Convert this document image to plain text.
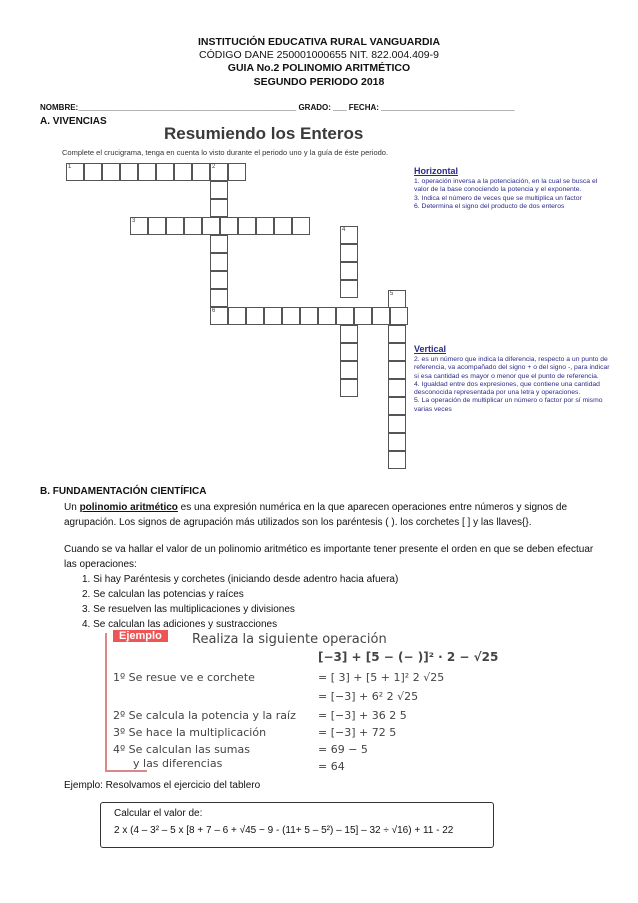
INSTITUCIÓN EDUCATIVA RURAL VANGUARDIA
CÓDIGO DANE 250001000655 NIT. 822.004.409-9
GUIA No.2 POLINOMIO ARITMÉTICO
SEGUNDO PERIODO 2018
NOMBRE:_________________________________________________ GRADO: ___ FECHA: ______________________________
A. VIVENCIAS
Resumiendo los Enteros
Complete el crucigrama, tenga en cuenta lo visto durante el periodo uno y la guía de éste periodo.
1	2
3
4
5
6
Horizontal
1. operación inversa a la potenciación, en la cual se busca el valor de la base conociendo la potencia y el exponente.
3. Indica el número de veces que se multiplica un factor
6. Determina el signo del producto de dos enteros
Vertical
2. es un número que indica la diferencia, respecto a un punto de referencia, va acompañado del signo + o del signo -, para indicar si esa cantidad es mayor o menor que el punto de referencia.
4. Igualdad entre dos expresiones, que contiene una cantidad desconocida representada por una letra y operaciones.
5. La operación de multiplicar un número o factor por sí mismo varias veces
B. FUNDAMENTACIÓN CIENTÍFICA
Un polinomio aritmético es una expresión numérica en la que aparecen operaciones entre números y signos de agrupación. Los signos de agrupación más utilizados son los paréntesis ( ). los corchetes [ ] y las llaves{}.
Cuando se va hallar el valor de un polinomio aritmético es importante tener presente el orden en que se deben efectuar las operaciones:
1. Si hay Paréntesis y corchetes (iniciando desde adentro hacia afuera)
2. Se calculan las potencias y raíces
3. Se resuelven las multiplicaciones y divisiones
4. Se calculan las adiciones y sustracciones
Ejemplo	Realiza la siguiente operación
[−3] + [5 − (− )]² · 2 − √25
1º Se resue ve e corchete	= [ 3] + [5 + 1]² 2 √25
= [−3] + 6² 2 √25
2º Se calcula la potencia y la raíz = [−3] + 36 2 5
3º Se hace la multiplicación	= [−3] + 72 5
4º Se calculan las sumas	= 69 − 5
y las diferencias	= 64
Ejemplo: Resolvamos el ejercicio del tablero
Calcular el valor de:
2 x (4 – 3² – 5 x [8 + 7 – 6 + √45 − 9 - (11+ 5 – 5²) – 15] – 32 ÷ √16) + 11 - 22
